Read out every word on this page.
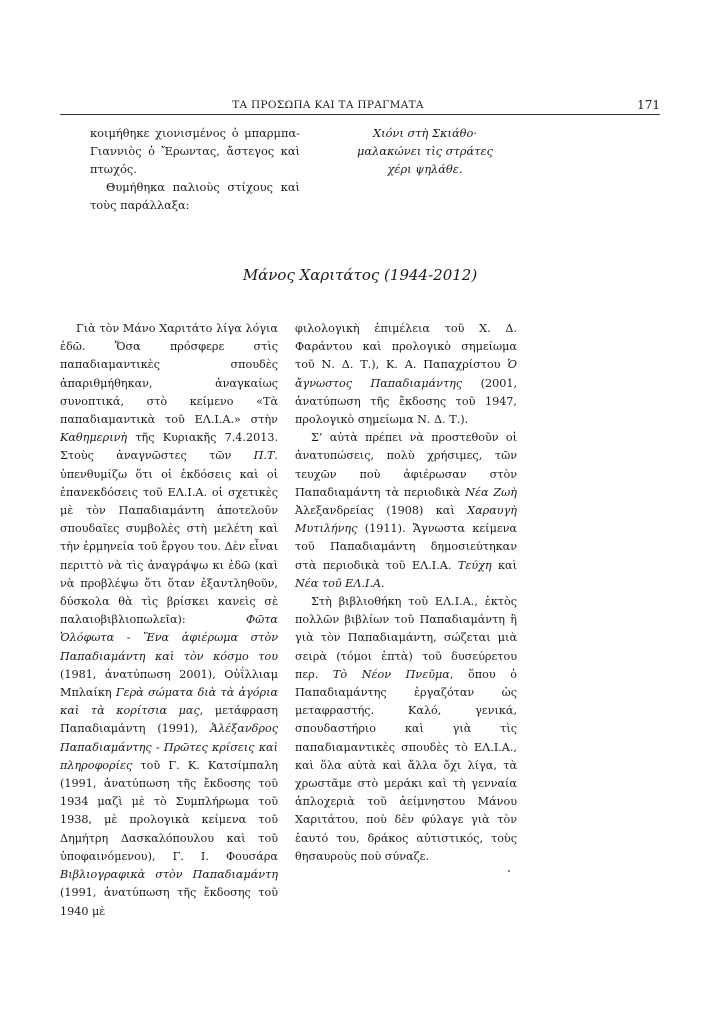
ΤΑ ΠΡΟΣΩΠΑ ΚΑΙ ΤΑ ΠΡΑΓΜΑΤΑ	171

κοιμήθηκε χιονισμένος ὁ μπαρμπα-Γιαννιὸς ὁ Ἔρωντας, ἄστεγος καὶ πτωχός.

Θυμήθηκα παλιοὺς στίχους καὶ τοὺς παράλλαξα:

Χιόνι στὴ Σκιάθο·
μαλακώνει τὶς στράτες
χέρι ψηλάθε.
Μάνος Χαριτάτος (1944-2012)

Γιὰ τὸν Μάνο Χαριτάτο λίγα λόγια ἐδῶ. Ὅσα πρόσφερε στὶς παπαδιαμαντικὲς σπουδὲς ἀπαριθμήθηκαν, ἀναγκαίως συνοπτικά, στὸ κείμενο «Τὰ παπαδιαμαντικὰ τοῦ ΕΛ.Ι.Α.» στὴν Καθημερινὴ τῆς Κυριακῆς 7.4.2013. Στοὺς ἀναγνῶστες τῶν Π.Τ. ὑπενθυμίζω ὅτι οἱ ἐκδόσεις καὶ οἱ ἐπανεκδόσεις τοῦ ΕΛ.Ι.Α. οἱ σχετικὲς μὲ τὸν Παπαδιαμάντη ἀποτελοῦν σπουδαῖες συμβολὲς στὴ μελέτη καὶ τὴν ἑρμηνεία τοῦ ἔργου του. Δὲν εἶναι περιττὸ νὰ τὶς ἀναγράψω κι ἐδῶ (καὶ νὰ προβλέψω ὅτι ὅταν ἐξαντληθοῦν, δύσκολα θὰ τὶς βρίσκει κανεὶς σὲ παλαιοβιβλιοπωλεῖα): Φῶτα Ὁλόφωτα - Ἕνα ἀφιέρωμα στὸν Παπαδιαμάντη καὶ τὸν κόσμο του (1981, ἀνατύπωση 2001), Οὐΐλλιαμ Μπλαίκη Γερὰ σώματα διὰ τὰ ἀγόρια καὶ τὰ κορίτσια μας, μετάφραση Παπαδιαμάντη (1991), Ἀλέξανδρος Παπαδιαμάντης - Πρῶτες κρίσεις καὶ πληροφορίες τοῦ Γ. Κ. Κατσίμπαλη (1991, ἀνατύπωση τῆς ἔκδοσης τοῦ 1934 μαζὶ μὲ τὸ Συμπλήρωμα τοῦ 1938, μὲ προλογικὰ κείμενα τοῦ Δημήτρη Δασκαλόπουλου καὶ τοῦ ὑποφαινόμενου), Γ. Ι. Φουσάρα Βιβλιογραφικὰ στὸν Παπαδιαμάντη (1991, ἀνατύπωση τῆς ἔκδοσης τοῦ 1940 μὲ

φιλολογικὴ ἐπιμέλεια τοῦ Χ. Δ. Φαράντου καὶ προλογικὸ σημείωμα τοῦ Ν. Δ. Τ.), Κ. Α. Παπαχρίστου Ὁ ἄγνωστος Παπαδιαμάντης (2001, ἀνατύπωση τῆς ἔκδοσης τοῦ 1947, προλογικὸ σημείωμα Ν. Δ. Τ.).

Σ’ αὐτὰ πρέπει νὰ προστεθοῦν οἱ ἀνατυπώσεις, πολὺ χρήσιμες, τῶν τευχῶν ποὺ ἀφιέρωσαν στὸν Παπαδιαμάντη τὰ περιοδικὰ Νέα Ζωὴ Ἀλεξανδρείας (1908) καὶ Χαραυγὴ Μυτιλήνης (1911). Ἄγνωστα κείμενα τοῦ Παπαδιαμάντη δημοσιεύτηκαν στὰ περιοδικὰ τοῦ ΕΛ.Ι.Α. Τεύχη καὶ Νέα τοῦ ΕΛ.Ι.Α.

Στὴ βιβλιοθήκη τοῦ ΕΛ.Ι.Α., ἐκτὸς πολλῶν βιβλίων τοῦ Παπαδιαμάντη ἢ γιὰ τὸν Παπαδιαμάντη, σώζεται μιὰ σειρὰ (τόμοι ἑπτὰ) τοῦ δυσεύρετου περ. Τὸ Νέον Πνεῦμα, ὅπου ὁ Παπαδιαμάντης ἐργαζόταν ὡς μεταφραστής. Καλό, γενικά, σπουδαστήριο καὶ γιὰ τὶς παπαδιαμαντικὲς σπουδὲς τὸ ΕΛ.Ι.Α., καὶ ὅλα αὐτὰ καὶ ἄλλα ὄχι λίγα, τὰ χρωστᾶμε στὸ μεράκι καὶ τὴ γενναία ἀπλοχεριὰ τοῦ ἀείμνηστου Μάνου Χαριτάτου, ποὺ δὲν φύλαγε γιὰ τὸν ἑαυτό του, δράκος αὐτιστικός, τοὺς θησαυροὺς ποὺ σύναζε.
